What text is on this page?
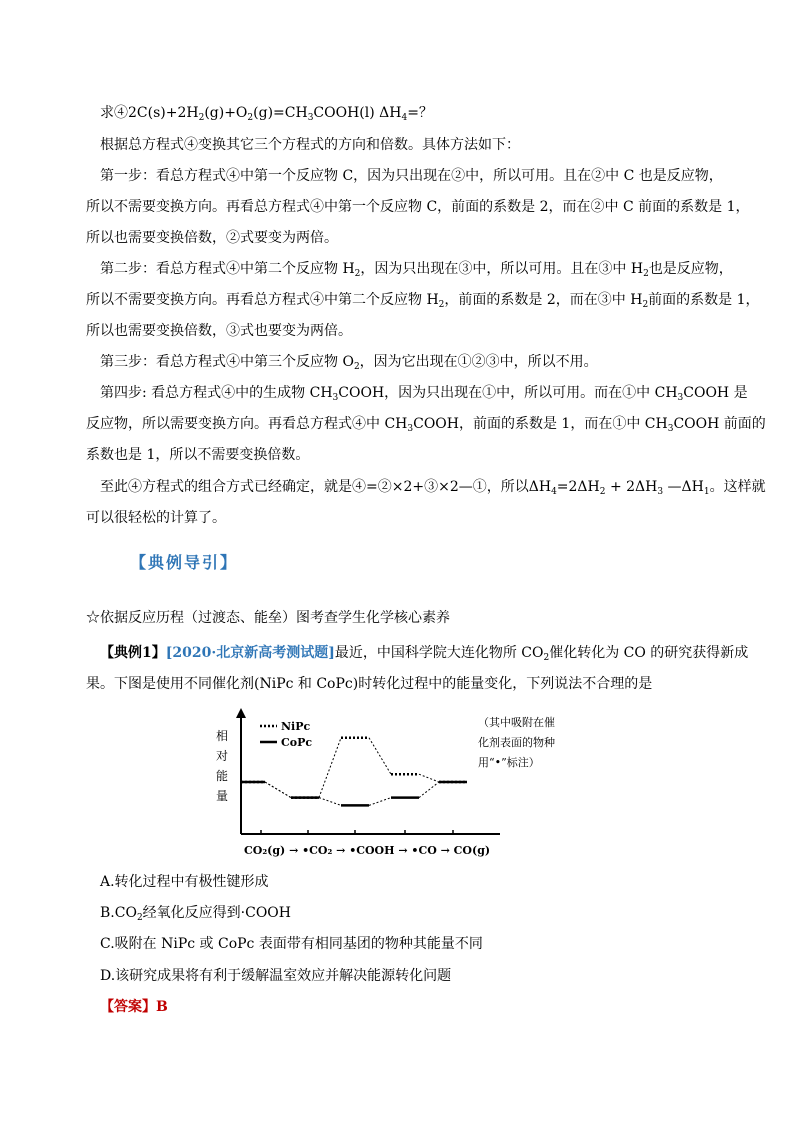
求$④2C(s)+2H_2(g)+O_2(g)=CH_3COOH(l)$ $\Delta H_4=$？
根据总方程式④变换其它三个方程式的方向和倍数。具体方法如下：
第一步：看总方程式④中第一个反应物 C，因为只出现在②中，所以可用。且在②中 C 也是反应物，
所以不需要变换方向。再看总方程式④中第一个反应物 C，前面的系数是 2，而在②中 C 前面的系数是 1，
所以也需要变换倍数，②式要变为两倍。
第二步：看总方程式④中第二个反应物 $H_2$，因为只出现在③中，所以可用。且在③中 $H_2$也是反应物，
所以不需要变换方向。再看总方程式④中第二个反应物 $H_2$，前面的系数是 2，而在③中 $H_2$前面的系数是 1，
所以也需要变换倍数，③式也要变为两倍。
第三步：看总方程式④中第三个反应物 $O_2$，因为它出现在①②③中，所以不用。
第四步: 看总方程式④中的生成物 $CH_3COOH$，因为只出现在①中，所以可用。而在①中 $CH_3COOH$ 是
反应物，所以需要变换方向。再看总方程式④中 $CH_3COOH$，前面的系数是 1，而在①中 $CH_3COOH$ 前面的
系数也是 1，所以不需要变换倍数。
至此④方程式的组合方式已经确定，就是④=②×2+③×2—①，所以$\Delta H_4=2\Delta H_2 + 2\Delta H_3$ $—\Delta H_1$。这样就
可以很轻松的计算了。
【典例导引】
☆依据反应历程（过渡态、能垒）图考查学生化学核心素养
【典例1】[2020·北京新高考测试题]最近，中国科学院大连化物所 $CO_2$催化转化为 CO 的研究获得新成
果。下图是使用不同催化剂(NiPc 和 CoPc)时转化过程中的能量变化，下列说法不合理的是
相
对
能
量
NiPc
CoPc
（其中吸附在催
化剂表面的物种
用“•”标注）
CO₂(g) → •CO₂ → •COOH → •CO → CO(g)
A.转化过程中有极性键形成
$B.CO_2$经氧化反应得到·COOH
C.吸附在 NiPc 或 CoPc 表面带有相同基团的物种其能量不同
D.该研究成果将有利于缓解温室效应并解决能源转化问题
【答案】B
